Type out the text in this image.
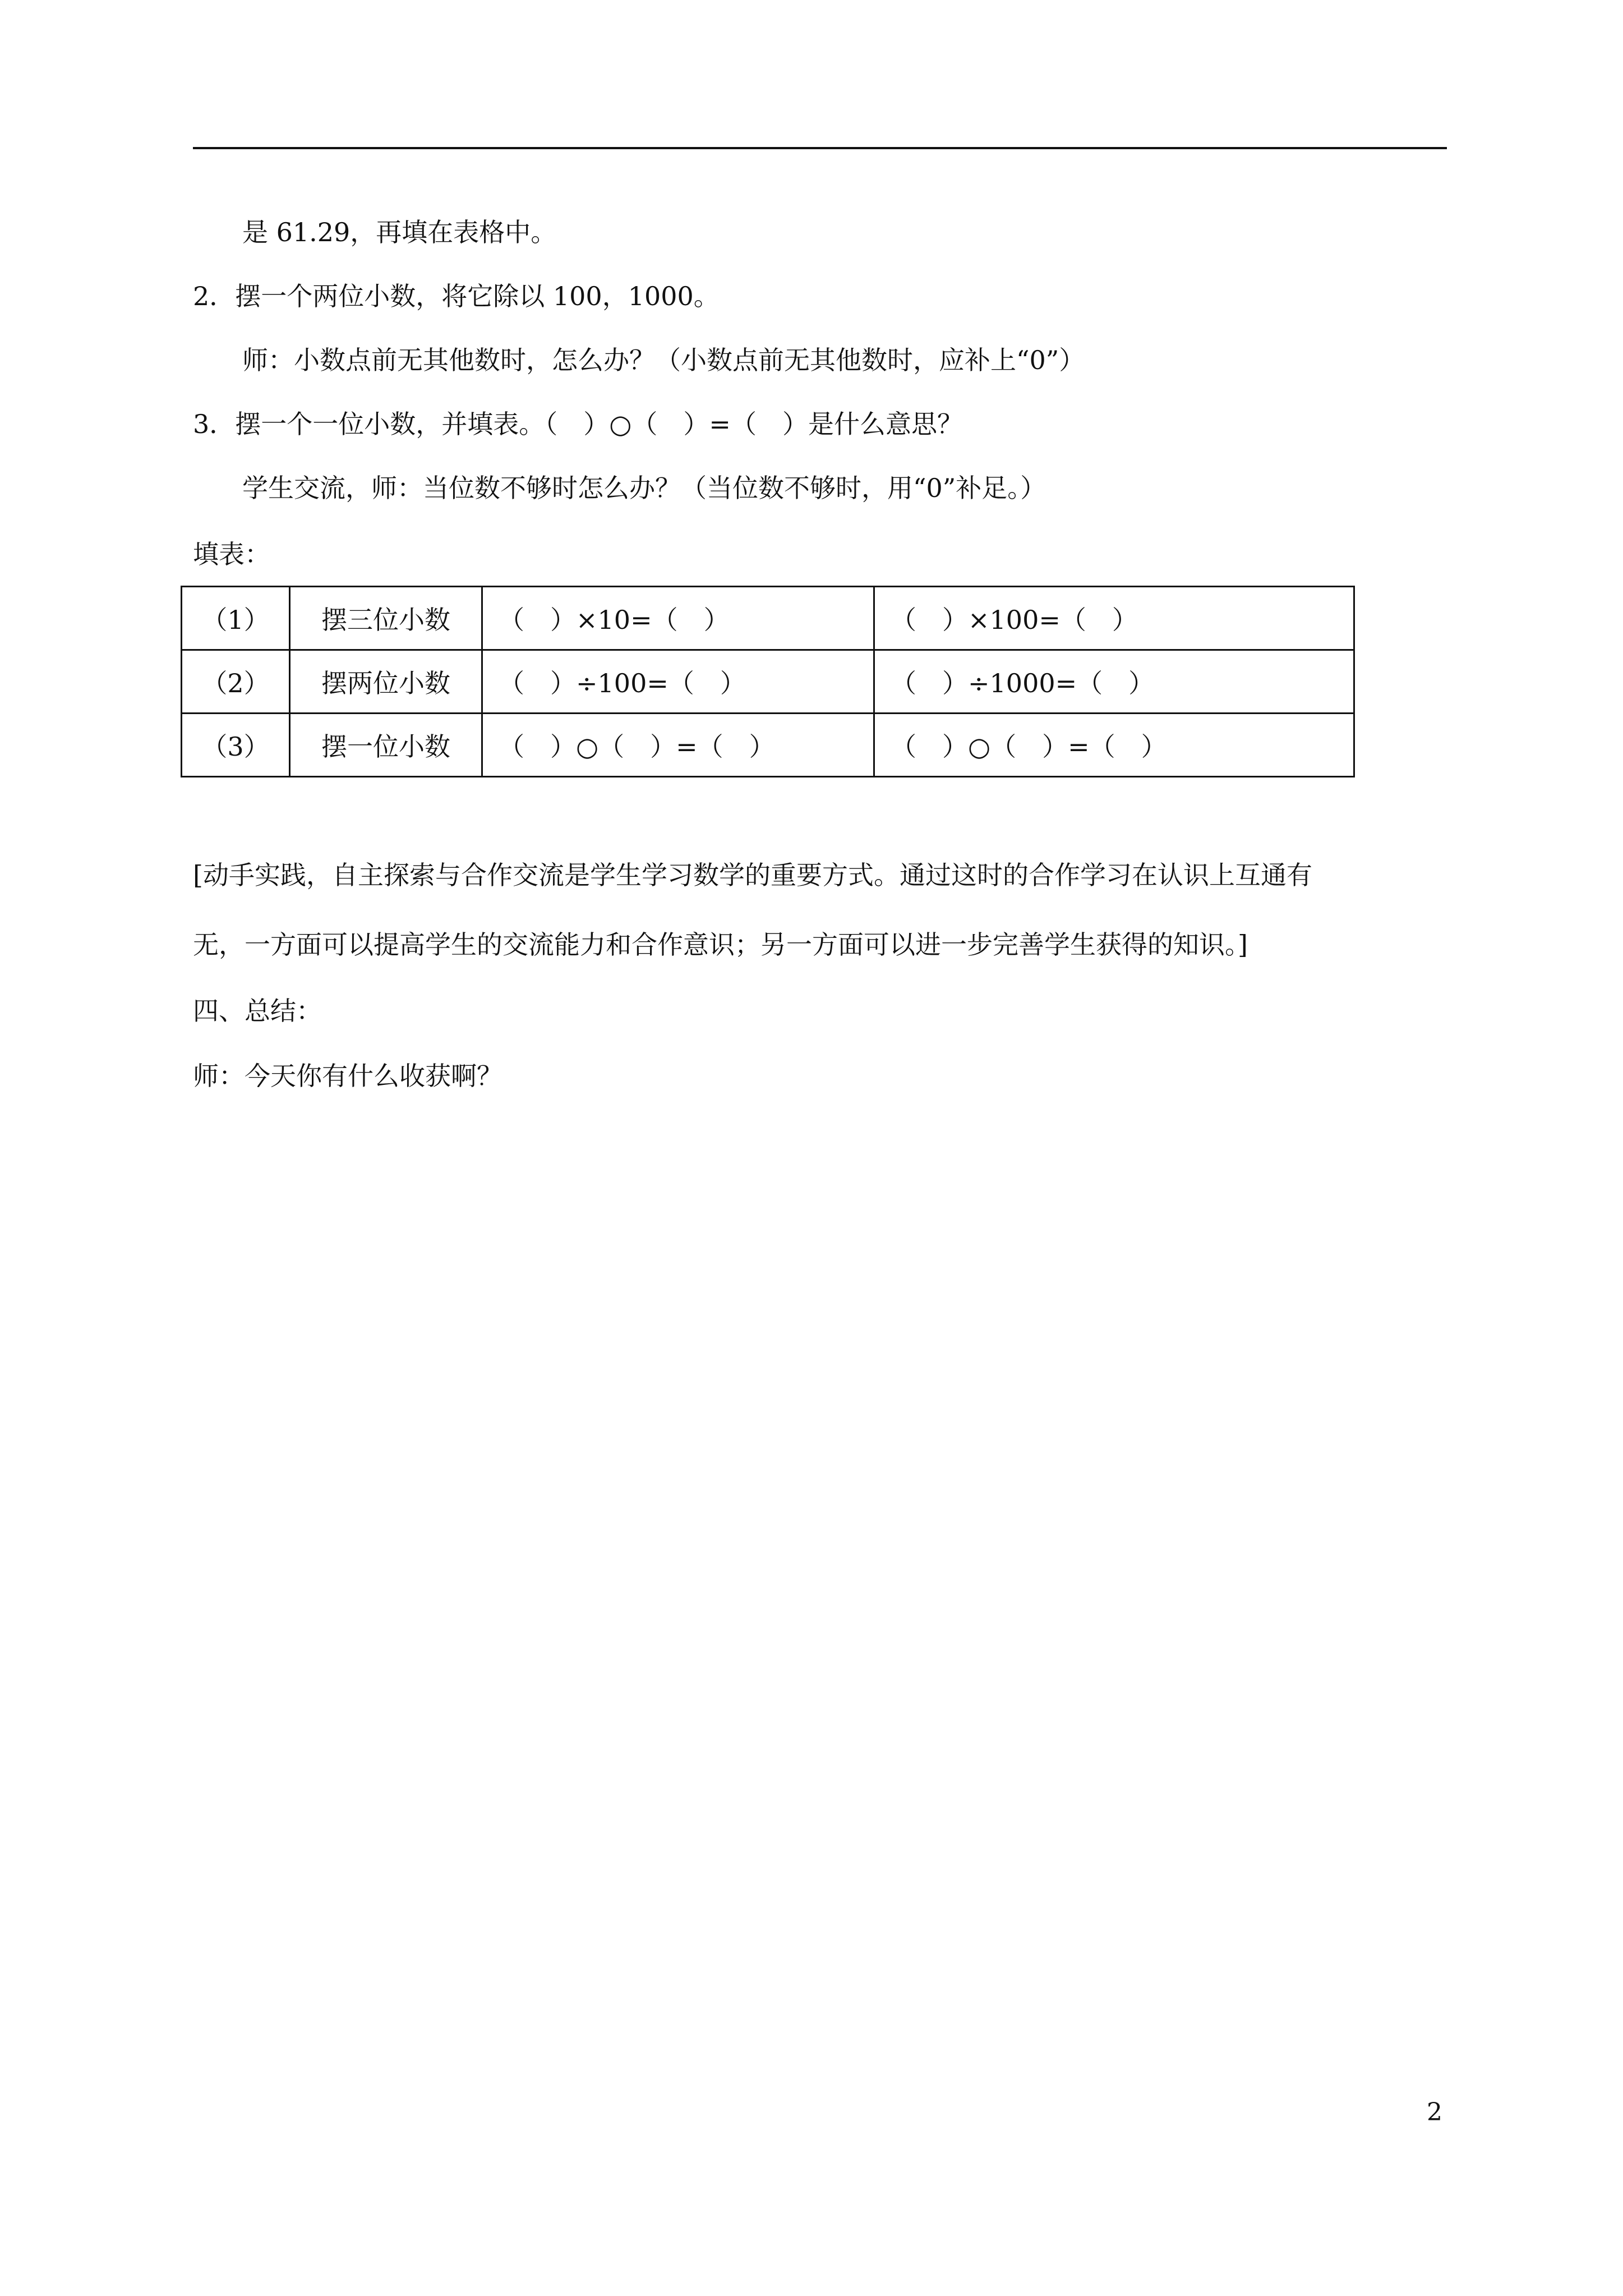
是 61.29，再填在表格中。
2．摆一个两位小数，将它除以 100，1000。
师：小数点前无其他数时，怎么办？（小数点前无其他数时，应补上“0”）
3．摆一个一位小数，并填表。（　）○（　）=（　）是什么意思？
学生交流，师：当位数不够时怎么办？（当位数不够时，用“0”补足。）
填表：
（1）	摆三位小数	（　）×10=（　）	（　）×100=（　）
（2）	摆两位小数	（　）÷100=（　）	（　）÷1000=（　）
（3）	摆一位小数	（　）○（　）=（　）	（　）○（　）=（　）
[动手实践，自主探索与合作交流是学生学习数学的重要方式。通过这时的合作学习在认识上互通有
无，一方面可以提高学生的交流能力和合作意识；另一方面可以进一步完善学生获得的知识。]
四、总结：
师：今天你有什么收获啊？
2
